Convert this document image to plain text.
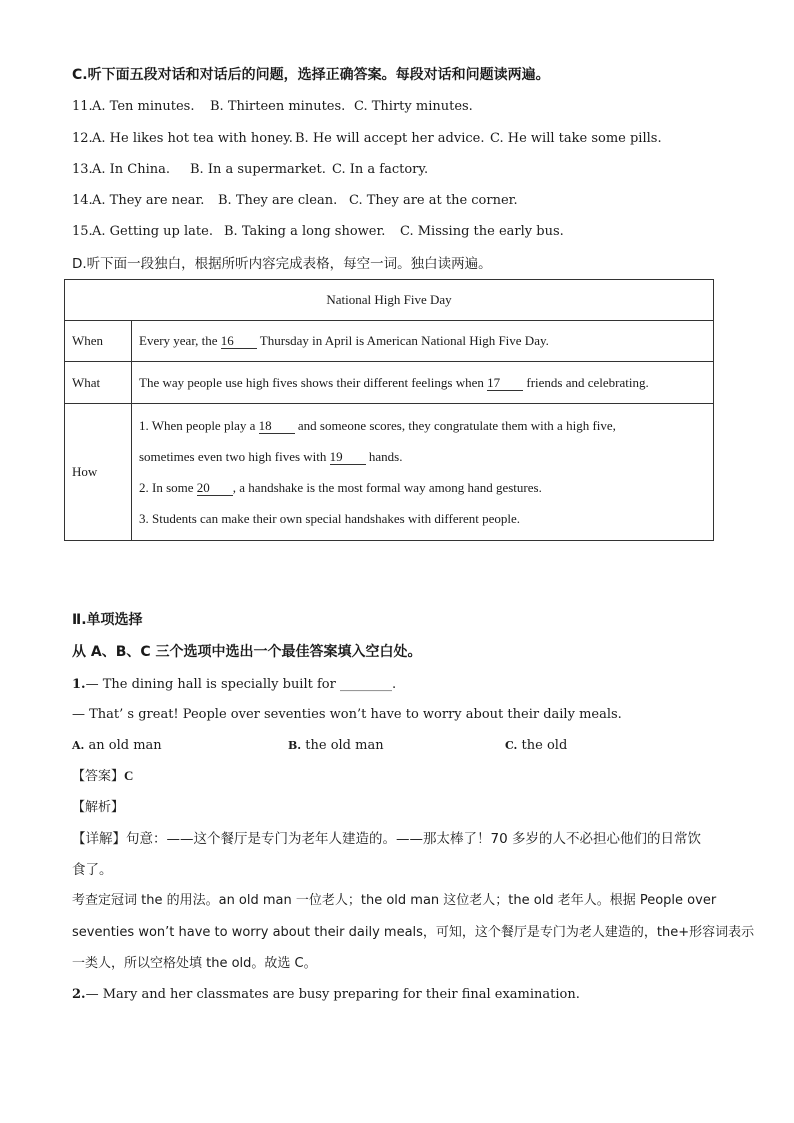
C.听下面五段对话和对话后的问题，选择正确答案。每段对话和问题读两遍。
11. A. Ten minutes. B. Thirteen minutes. C. Thirty minutes.
12. A. He likes hot tea with honey. B. He will accept her advice. C. He will take some pills.
13. A. In China. B. In a supermarket. C. In a factory.
14. A. They are near. B. They are clean. C. They are at the corner.
15. A. Getting up late. B. Taking a long shower. C. Missing the early bus.
D.听下面一段独白，根据所听内容完成表格，每空一词。独白读两遍。
National High Five Day	
When	Every year, the 16 Thursday in April is American National High Five Day.
What	The way people use high fives shows their different feelings when 17 friends and celebrating.
How	1. When people play a 18 and someone scores, they congratulate them with a high five,
sometimes even two high fives with 19 hands.
2. In some 20 , a handshake is the most formal way among hand gestures.
3. Students can make their own special handshakes with different people.
Ⅱ.单项选择
从 A、B、C 三个选项中选出一个最佳答案填入空白处。
1.— The dining hall is specially built for ________.
— That’ s great! People over seventies won’t have to worry about their daily meals.
A. an old man	B. the old man	C. the old
【答案】C
【解析】
【详解】句意：——这个餐厅是专门为老年人建造的。——那太棒了！70 多岁的人不必担心他们的日常饮
食了。
考查定冠词 the 的用法。an old man 一位老人；the old man 这位老人；the old 老年人。根据 People over
seventies won’t have to worry about their daily meals，可知，这个餐厅是专门为老人建造的，the+形容词表示
一类人，所以空格处填 the old。故选 C。
2.— Mary and her classmates are busy preparing for their final examination.
